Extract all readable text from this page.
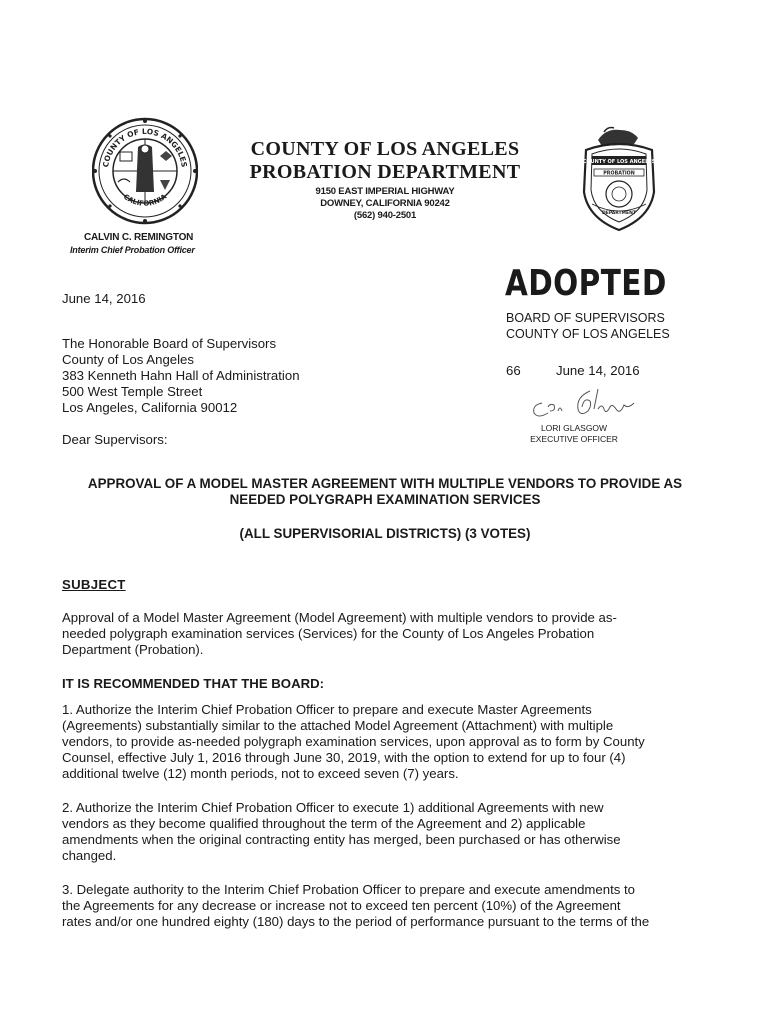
COUNTY OF LOS ANGELES
CALIFORNIA
COUNTY OF LOS ANGELES
PROBATION
DEPARTMENT
COUNTY OF LOS ANGELES
PROBATION DEPARTMENT
9150 EAST IMPERIAL HIGHWAY
DOWNEY, CALIFORNIA 90242
(562) 940-2501
CALVIN C. REMINGTON
Interim Chief Probation Officer
June 14, 2016
The Honorable Board of Supervisors
County of Los Angeles
383 Kenneth Hahn Hall of Administration
500 West Temple Street
Los Angeles, California 90012
Dear Supervisors:
ADOPTED
BOARD OF SUPERVISORS
COUNTY OF LOS ANGELES
66	June 14, 2016
LORI GLASGOW
EXECUTIVE OFFICER
APPROVAL OF A MODEL MASTER AGREEMENT WITH MULTIPLE VENDORS TO PROVIDE AS
NEEDED POLYGRAPH EXAMINATION SERVICES
(ALL SUPERVISORIAL DISTRICTS) (3 VOTES)
SUBJECT
Approval of a Model Master Agreement (Model Agreement) with multiple vendors to provide as-
needed polygraph examination services (Services) for the County of Los Angeles Probation
Department (Probation).
IT IS RECOMMENDED THAT THE BOARD:
1. Authorize the Interim Chief Probation Officer to prepare and execute Master Agreements
(Agreements) substantially similar to the attached Model Agreement (Attachment) with multiple
vendors, to provide as-needed polygraph examination services, upon approval as to form by County
Counsel, effective July 1, 2016 through June 30, 2019, with the option to extend for up to four (4)
additional twelve (12) month periods, not to exceed seven (7) years.
2. Authorize the Interim Chief Probation Officer to execute 1) additional Agreements with new
vendors as they become qualified throughout the term of the Agreement and 2) applicable
amendments when the original contracting entity has merged, been purchased or has otherwise
changed.
3. Delegate authority to the Interim Chief Probation Officer to prepare and execute amendments to
the Agreements for any decrease or increase not to exceed ten percent (10%) of the Agreement
rates and/or one hundred eighty (180) days to the period of performance pursuant to the terms of the
